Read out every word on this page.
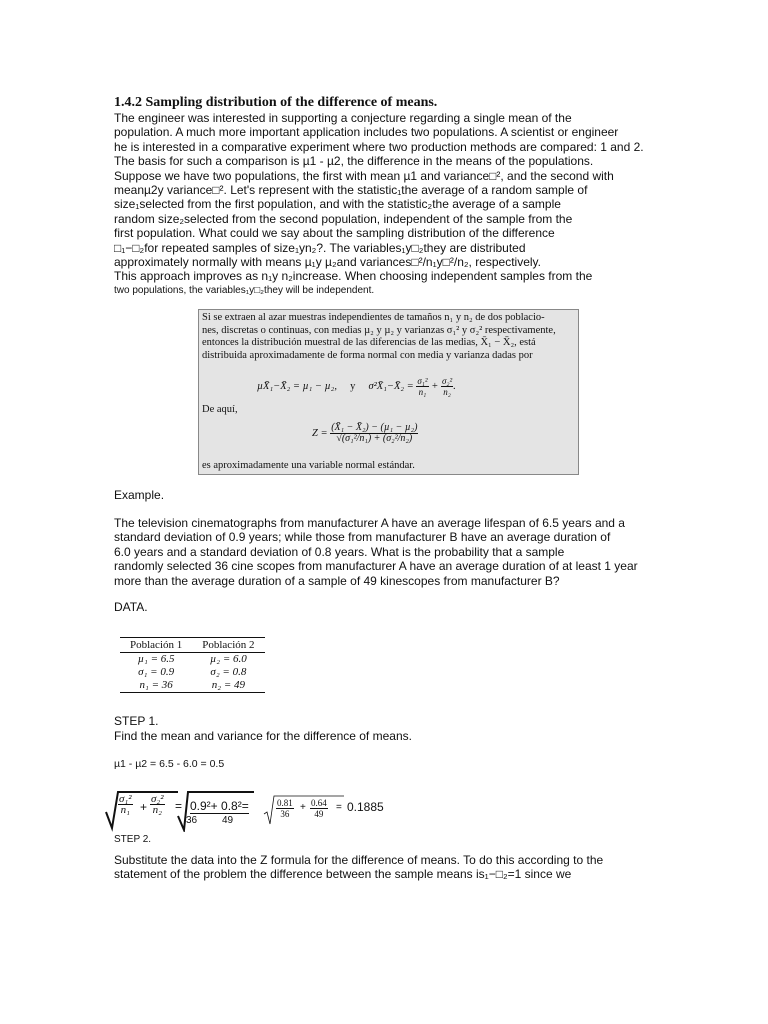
1.4.2 Sampling distribution of the difference of means.

The engineer was interested in supporting a conjecture regarding a single mean of the

population. A much more important application includes two populations. A scientist or engineer

he is interested in a comparative experiment where two production methods are compared: 1 and 2.

The basis for such a comparison is µ1 - µ2, the difference in the means of the populations.

Suppose we have two populations, the first with mean µ1 and variance□², and the second with

meanµ2y variance□². Let's represent with the statistic₁the average of a random sample of

size₁selected from the first population, and with the statistic₂the average of a sample

random size₂selected from the second population, independent of the sample from the

first population. What could we say about the sampling distribution of the difference

□₁−□₂for repeated samples of size₁yn₂?. The variables₁y□₂they are distributed

approximately normally with means µ₁y µ₂and variances□²/n₁y□²/n₂, respectively.

This approach improves as n₁y n₂increase. When choosing independent samples from the

two populations, the variables₁y□₂they will be independent.

Si se extraen al azar muestras independientes de tamaños n₁ y n₂ de dos poblacio-
nes, discretas o continuas, con medias µ₂ y µ₂ y varianzas σ₁² y σ₂² respectivamente,
entonces la distribución muestral de las diferencias de las medias, X̄₁ − X̄₂, está
distribuida aproximadamente de forma normal con media y varianza dadas por
µX̄₁−X̄₂ = µ₁ − µ₂, y σ²X̄₁−X̄₂ = $\frac{\text{σ₁²}}{\text{n₁}} + \frac{\text{σ₂²}}{\text{n₂}}$ .
De aquí,
$Z = \frac{\text{(X̄₁ − X̄₂) − (µ₁ − µ₂)}}{\text{√(σ₁²/n₁) + (σ₂²/n₂)}}$
es aproximadamente una variable normal estándar.
Example.

The television cinematographs from manufacturer A have an average lifespan of 6.5 years and a

standard deviation of 0.9 years; while those from manufacturer B have an average duration of

6.0 years and a standard deviation of 0.8 years. What is the probability that a sample

randomly selected 36 cine scopes from manufacturer A have an average duration of at least 1 year

more than the average duration of a sample of 49 kinescopes from manufacturer B?

DATA.
Población 1	Población 2
µ₁ = 6.5	µ₂ = 6.0
σ₁ = 0.9	σ₂ = 0.8
n₁ = 36	n₂ = 49
STEP 1.
Find the mean and variance for the difference of means.
µ1 - µ2 = 6.5 - 6.0 = 0.5
$\frac{\text{σ₁²}}{\text{n₁}} + \frac{\text{σ₂²}}{\text{n₂}} = 0.9^2+ 0.8^2=$
36 49
$\frac{0.81}{36} + \frac{0.64}{49} = 0.1885$
STEP 2.

Substitute the data into the Z formula for the difference of means. To do this according to the

statement of the problem the difference between the sample means is₁−□₂=1 since we
